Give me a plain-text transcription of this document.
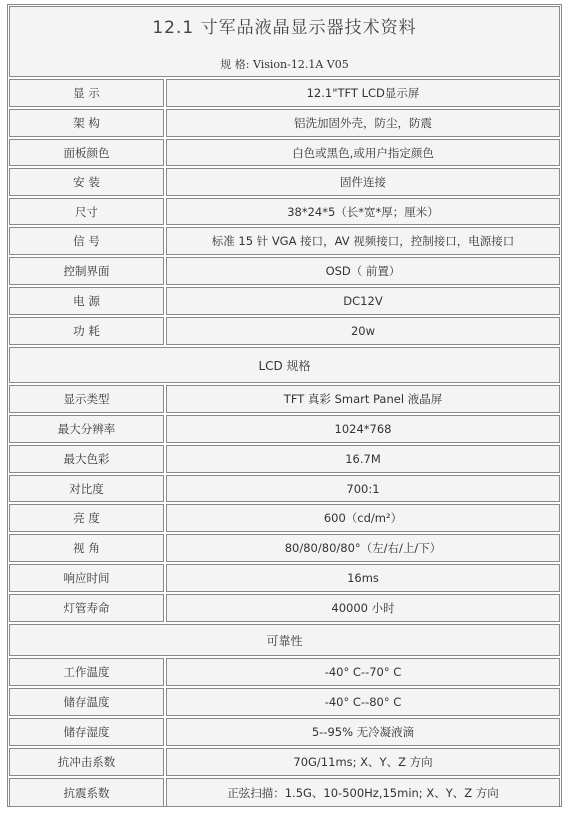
12.1 寸军品液晶显示器技术资料
规 格: Vision-12.1A V05
显 示	12.1"TFT LCD显示屏
架 构	铝洗加固外壳，防尘，防震
面板颜色	白色或黑色,或用户指定颜色
安 装	固件连接
尺寸	38*24*5（长*宽*厚；厘米）
信 号	标准 15 针 VGA 接口，AV 视频接口，控制接口，电源接口
控制界面	OSD（ 前置）
电 源	DC12V
功 耗	20w
LCD 规格
显示类型	TFT 真彩 Smart Panel 液晶屏
最大分辨率	1024*768
最大色彩	16.7M
对比度	700:1
亮 度	600（cd/m²）
视 角	80/80/80/80°（左/右/上/下）
响应时间	16ms
灯管寿命	40000 小时
可靠性
工作温度	-40° C--70° C
储存温度	-40° C--80° C
储存湿度	5--95% 无冷凝液滴
抗冲击系数	70G/11ms; X、Y、Z 方向
抗震系数	正弦扫描：1.5G、10-500Hz,15min; X、Y、Z 方向
